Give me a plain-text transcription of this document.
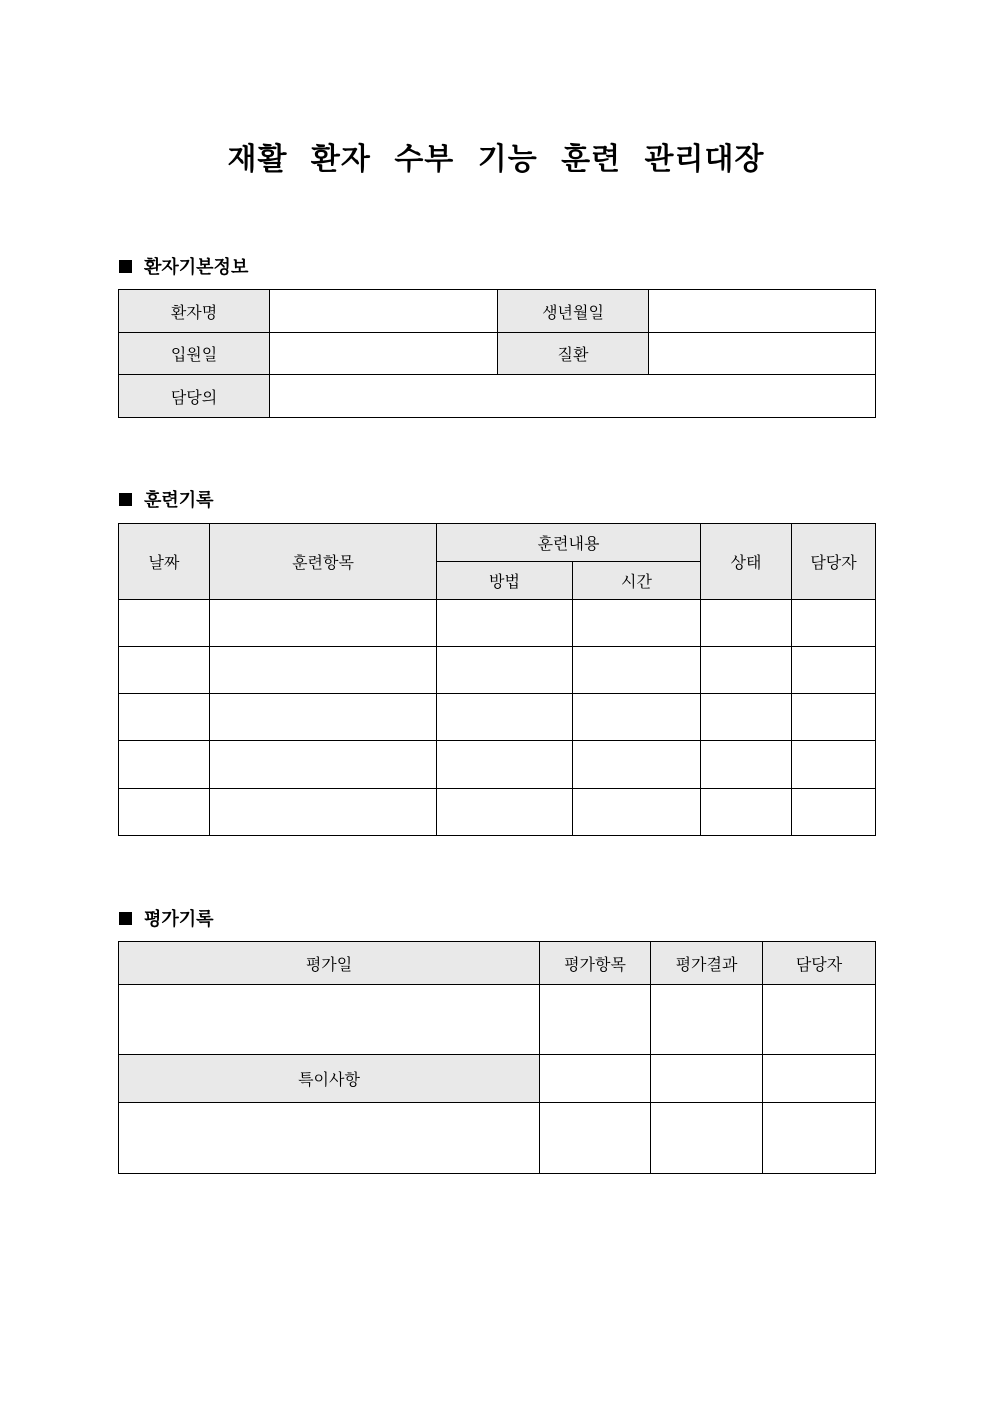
재활 환자 수부 기능 훈련 관리대장
환자기본정보
환자명		생년월일	
입원일		질환	
담당의			
훈련기록
날짜	훈련항목	훈련내용		상태	담당자
		방법	시간		

평가기록
평가일	평가항목	평가결과	담당자

특이사항			
